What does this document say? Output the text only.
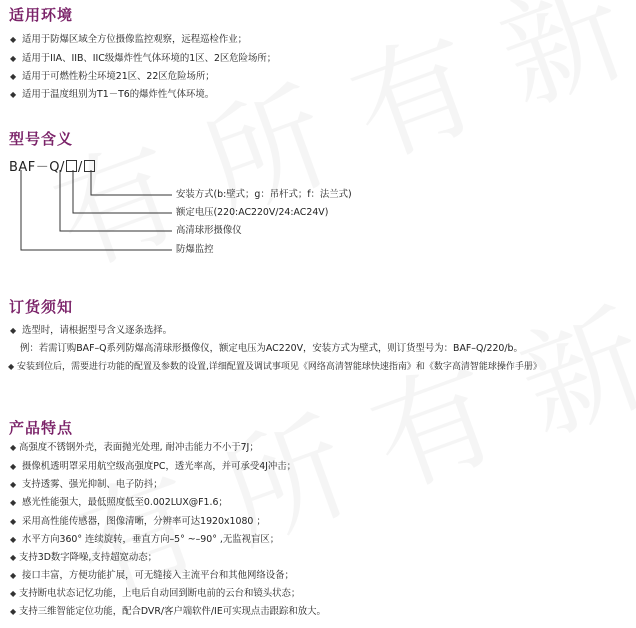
适用环境
◆ 适用于防爆区域全方位摄像监控观察，远程巡检作业；
◆ 适用于IIA、IIB、IIC级爆炸性气体环境的1区、2区危险场所；
◆ 适用于可燃性粉尘环境21区、22区危险场所；
◆ 适用于温度组别为T1－T6的爆炸性气体环境。
型号含义
BAF－Q/ /
安装方式(b:壁式；g：吊杆式；f：法兰式)
额定电压(220:AC220V/24:AC24V)
高清球形摄像仪
防爆监控
订货须知
◆ 选型时，请根据型号含义逐条选择。
例：若需订购BAF–Q系列防爆高清球形摄像仪，额定电压为AC220V，安装方式为壁式，则订货型号为：BAF–Q/220/b。
◆ 安装到位后，需要进行功能的配置及参数的设置,详细配置及调试事项见《网络高清智能球快速指南》和《数字高清智能球操作手册》
产品特点
◆ 高强度不锈钢外壳，表面抛光处理, 耐冲击能力不小于7J；
◆ 摄像机透明罩采用航空级高强度PC，透光率高，并可承受4J冲击；
◆ 支持透雾、强光抑制、电子防抖；
◆ 感光性能强大，最低照度低至0.002LUX@F1.6；
◆ 采用高性能传感器，图像清晰，分辨率可达1920x1080 ；
◆ 水平方向360° 连续旋转，垂直方向–5° ~–90° ,无监视盲区；
◆ 支持3D数字降噪,支持超宽动态；
◆ 接口丰富，方便功能扩展，可无缝接入主流平台和其他网络设备；
◆ 支持断电状态记忆功能，上电后自动回到断电前的云台和镜头状态；
◆ 支持三维智能定位功能，配合DVR/客户端软件/IE可实现点击跟踪和放大。
